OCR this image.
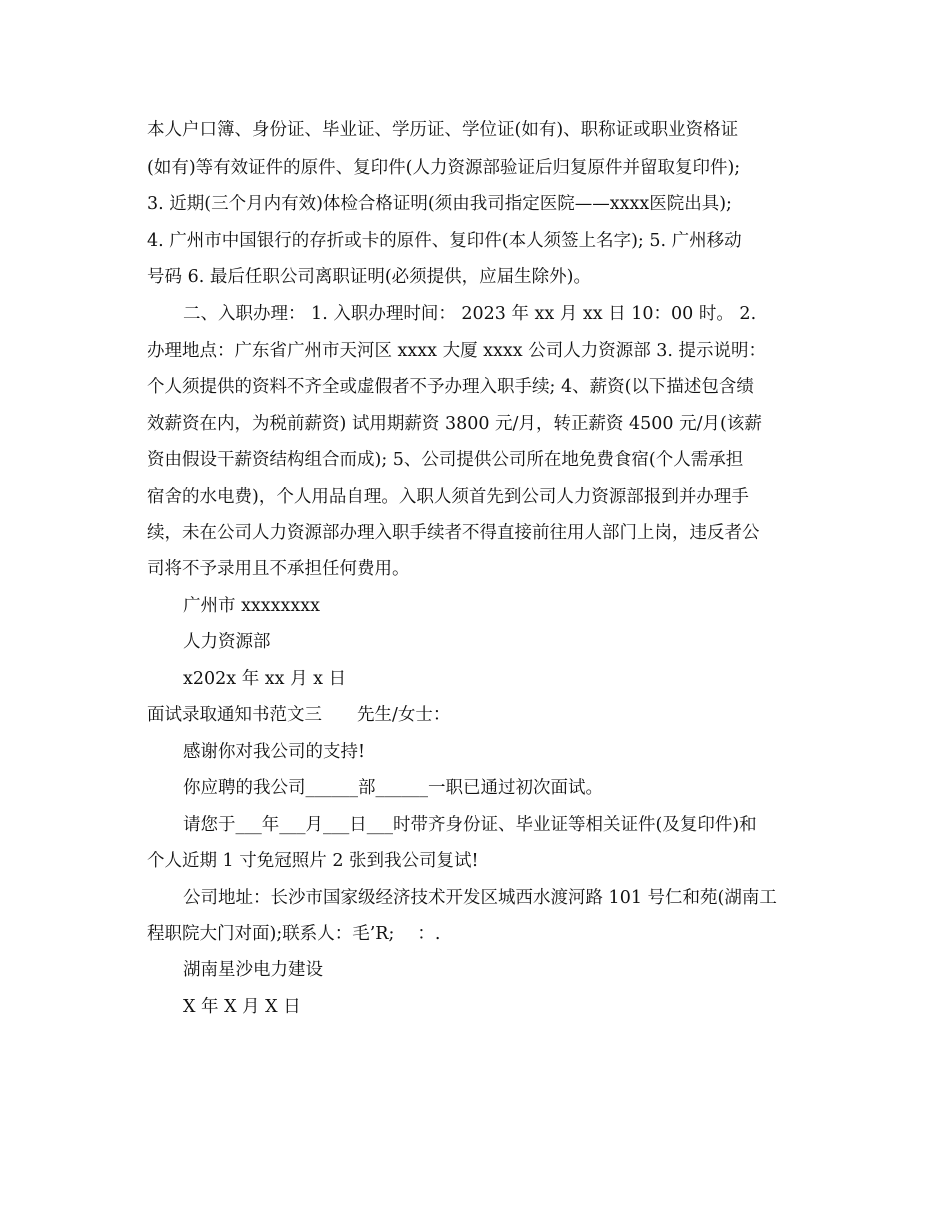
本人户口簿、身份证、毕业证、学历证、学位证(如有)、职称证或职业资格证
(如有)等有效证件的原件、复印件(人力资源部验证后归复原件并留取复印件);
3. 近期(三个月内有效)体检合格证明(须由我司指定医院——xxxx医院出具);
4. 广州市中国银行的存折或卡的原件、复印件(本人须签上名字); 5. 广州移动
号码 6. 最后任职公司离职证明(必须提供，应届生除外)。
二、入职办理： 1. 入职办理时间： 2023 年 xx 月 xx 日 10：00 时。 2.
办理地点：广东省广州市天河区 xxxx 大厦 xxxx 公司人力资源部 3. 提示说明：
个人须提供的资料不齐全或虚假者不予办理入职手续; 4、薪资(以下描述包含绩
效薪资在内，为税前薪资) 试用期薪资 3800 元/月，转正薪资 4500 元/月(该薪
资由假设干薪资结构组合而成); 5、公司提供公司所在地免费食宿(个人需承担
宿舍的水电费)，个人用品自理。入职人须首先到公司人力资源部报到并办理手
续，未在公司人力资源部办理入职手续者不得直接前往用人部门上岗，违反者公
司将不予录用且不承担任何费用。
广州市 xxxxxxxx
人力资源部
x202x 年 xx 月 x 日
面试录取通知书范文三　　先生/女士：
感谢你对我公司的支持!
你应聘的我公司______部______一职已通过初次面试。
请您于___年___月___日___时带齐身份证、毕业证等相关证件(及复印件)和
个人近期 1 寸免冠照片 2 张到我公司复试!
公司地址：长沙市国家级经济技术开发区城西水渡河路 101 号仁和苑(湖南工
程职院大门对面);联系人：毛’R;　 ：.
湖南星沙电力建设
X 年 X 月 X 日
